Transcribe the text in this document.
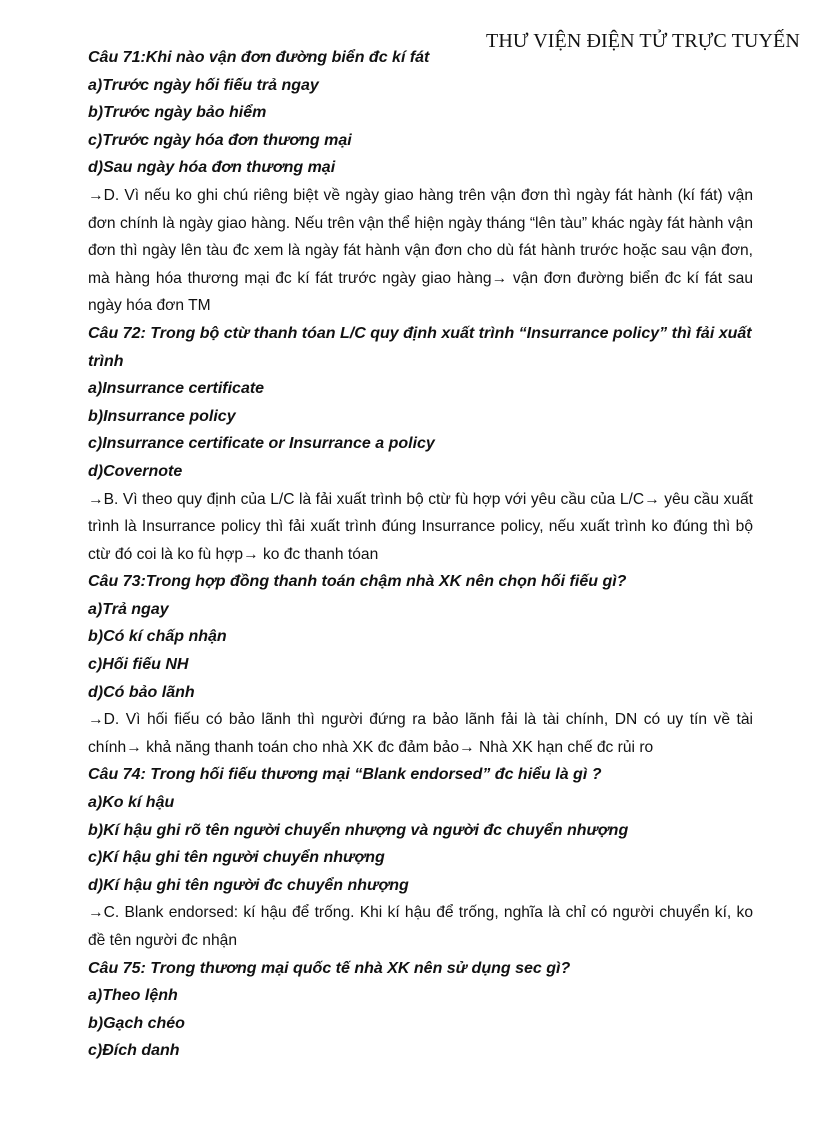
THƯ VIỆN ĐIỆN TỬ TRỰC TUYẾN

Câu 71:Khi nào vận đơn đường biển đc kí fát

a)Trước ngày hối fiếu trả ngay

b)Trước ngày bảo hiểm

c)Trước ngày hóa đơn thương mại

d)Sau ngày hóa đơn thương mại

→D. Vì nếu ko ghi chú riêng biệt về ngày giao hàng trên vận đơn thì ngày fát hành (kí fát) vận đơn chính là ngày giao hàng. Nếu trên vận thể hiện ngày tháng “lên tàu” khác ngày fát hành vận đơn thì ngày lên tàu đc xem là ngày fát hành vận đơn cho dù fát hành trước hoặc sau vận đơn, mà hàng hóa thương mại đc kí fát trước ngày giao hàng→ vận đơn đường biển đc kí fát sau ngày hóa đơn TM

Câu 72: Trong bộ ctừ thanh tóan L/C quy định xuất trình “Insurrance policy” thì fải xuất trình

a)Insurrance certificate

b)Insurrance policy

c)Insurrance certificate or Insurrance a policy

d)Covernote

→B. Vì theo quy định của L/C là fải xuất trình bộ ctừ fù hợp với yêu cầu của L/C→ yêu cầu xuất trình là Insurrance policy thì fải xuất trình đúng Insurrance policy, nếu xuất trình ko đúng thì bộ ctừ đó coi là ko fù hợp→ ko đc thanh tóan

Câu 73:Trong hợp đồng thanh toán chậm nhà XK nên chọn hối fiếu gì?

a)Trả ngay

b)Có kí chấp nhận

c)Hối fiếu NH

d)Có bảo lãnh

→D. Vì hối fiếu có bảo lãnh thì người đứng ra bảo lãnh fải là tài chính, DN có uy tín về tài chính→ khả năng thanh toán cho nhà XK đc đảm bảo→ Nhà XK hạn chế đc rủi ro

Câu 74: Trong hối fiếu thương mại “Blank endorsed” đc hiểu là gì ?

a)Ko kí hậu

b)Kí hậu ghi rõ tên người chuyển nhượng và người đc chuyển nhượng

c)Kí hậu ghi tên người chuyển nhượng

d)Kí hậu ghi tên người đc chuyển nhượng

→C. Blank endorsed: kí hậu để trống. Khi kí hậu để trống, nghĩa là chỉ có người chuyển kí, ko đề tên người đc nhận

Câu 75: Trong thương mại quốc tế nhà XK nên sử dụng sec gì?

a)Theo lệnh

b)Gạch chéo

c)Đích danh
